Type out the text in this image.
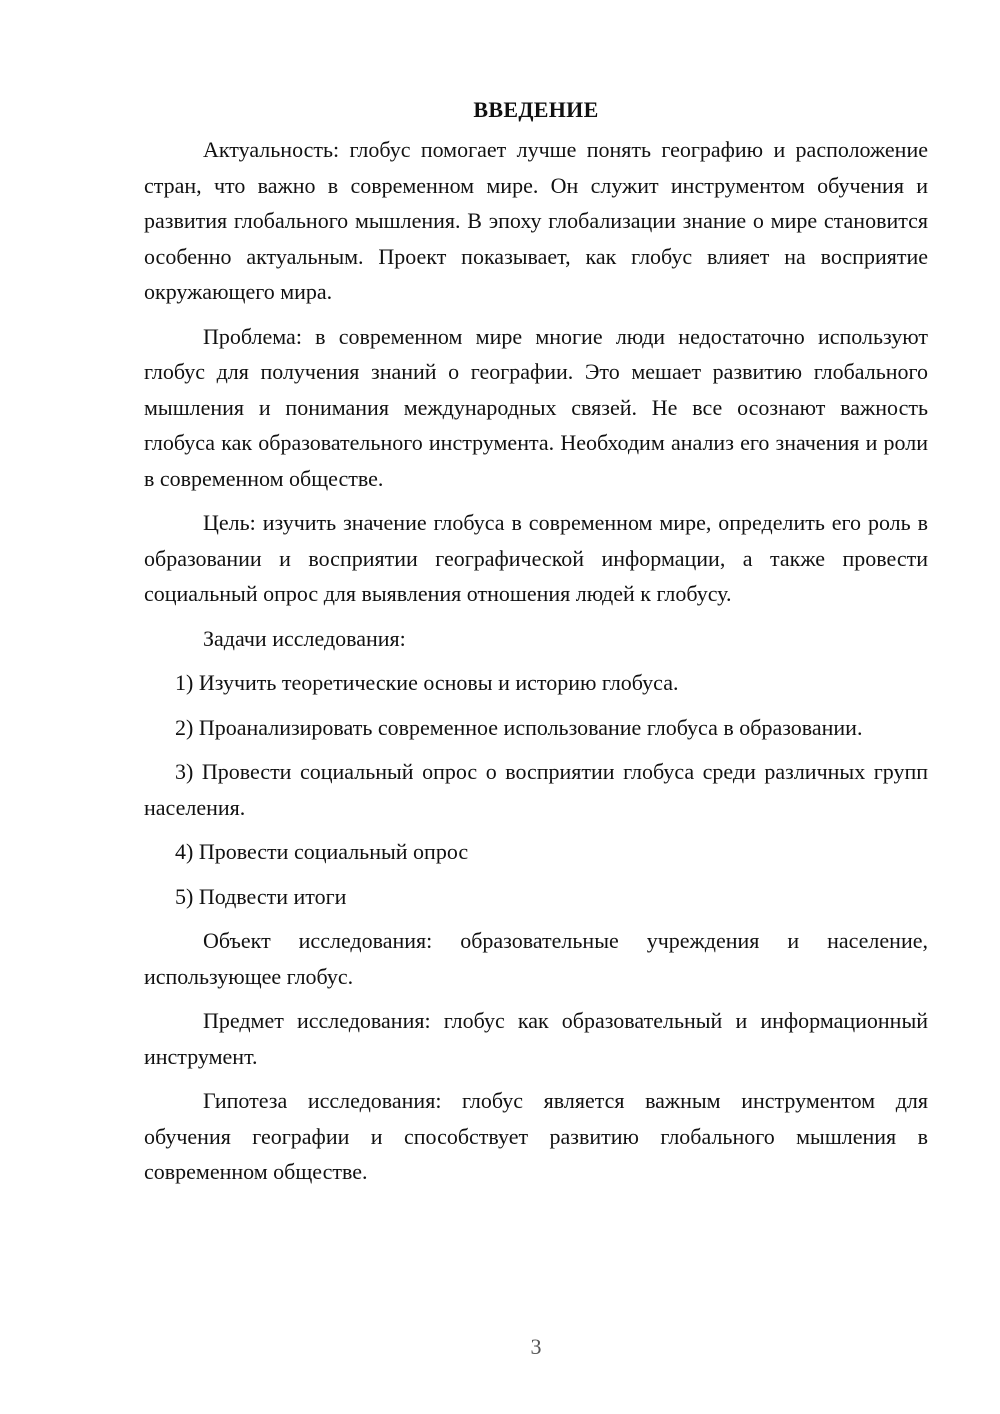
ВВЕДЕНИЕ

Актуальность: глобус помогает лучше понять географию и расположение стран, что важно в современном мире. Он служит инструментом обучения и развития глобального мышления. В эпоху глобализации знание о мире становится особенно актуальным. Проект показывает, как глобус влияет на восприятие окружающего мира.

Проблема: в современном мире многие люди недостаточно используют глобус для получения знаний о географии. Это мешает развитию глобального мышления и понимания международных связей. Не все осознают важность глобуса как образовательного инструмента. Необходим анализ его значения и роли в современном обществе.

Цель: изучить значение глобуса в современном мире, определить его роль в образовании и восприятии географической информации, а также провести социальный опрос для выявления отношения людей к глобусу.

Задачи исследования:

1) Изучить теоретические основы и историю глобуса.

2) Проанализировать современное использование глобуса в образовании.

3) Провести социальный опрос о восприятии глобуса среди различных групп населения.

4) Провести социальный опрос

5) Подвести итоги

Объект исследования: образовательные учреждения и население, использующее глобус.

Предмет исследования: глобус как образовательный и информационный инструмент.

Гипотеза исследования: глобус является важным инструментом для обучения географии и способствует развитию глобального мышления в современном обществе.

3
